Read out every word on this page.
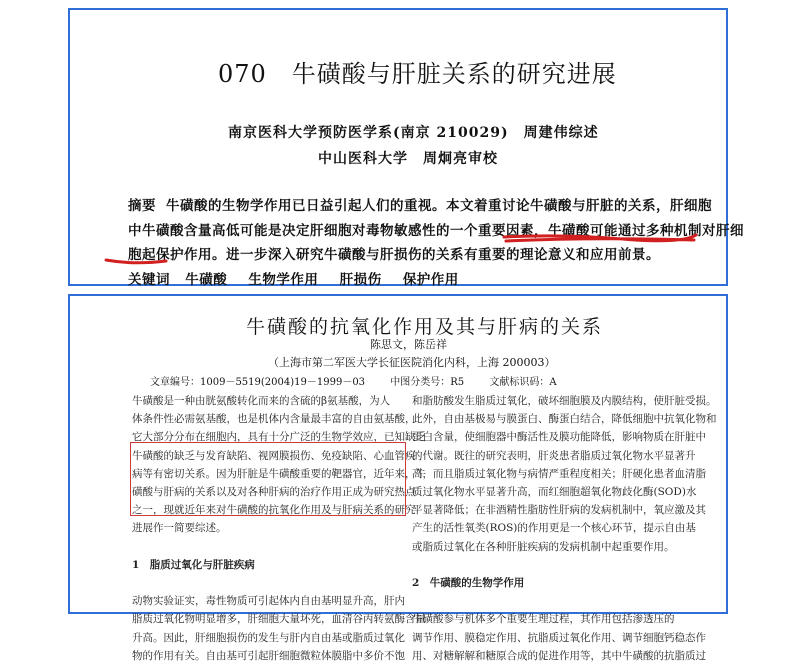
070　牛磺酸与肝脏关系的研究进展
南京医科大学预防医学系(南京 210029)　周建伟综述
中山医科大学　周炯亮审校
摘要 牛磺酸的生物学作用已日益引起人们的重视。本文着重讨论牛磺酸与肝脏的关系，肝细胞
中牛磺酸含量高低可能是决定肝细胞对毒物敏感性的一个重要因素，牛磺酸可能通过多种机制对肝细
胞起保护作用。进一步深入研究牛磺酸与肝损伤的关系有重要的理论意义和应用前景。
关键词 牛磺酸 生物学作用 肝损伤 保护作用
牛磺酸的抗氧化作用及其与肝病的关系
陈思文，陈岳祥
（上海市第二军医大学长征医院消化内科，上海 200003）
文章编号：1009－5519(2004)19－1999－03	中图分类号：R5	文献标识码：A
牛磺酸是一种由胱氨酸转化而来的含硫的β氨基酸，为人
体条件性必需氨基酸，也是机体内含量最丰富的自由氨基酸，
它大部分分布在细胞内，具有十分广泛的生物学效应，已知缺乏
牛磺酸的缺乏与发育缺陷、视网膜损伤、免疫缺陷、心血管疾
病等有密切关系。因为肝脏是牛磺酸重要的靶器官，近年来，牛
磺酸与肝病的关系以及对各种肝病的治疗作用正成为研究热点
之一，现就近年来对牛磺酸的抗氧化作用及与肝病关系的研究
进展作一简要综述。

1　脂质过氧化与肝脏疾病

动物实验证实，毒性物质可引起体内自由基明显升高，肝内
脂质过氧化物明显增多，肝细胞大量坏死，血清谷丙转氨酶含量
升高。因此，肝细胞损伤的发生与肝内自由基或脂质过氧化
物的作用有关。自由基可引起肝细胞微粒体膜脂中多价不饱
和脂肪酸发生脂质过氧化，破坏细胞膜及内膜结构，使肝脏受损。
此外，自由基极易与膜蛋白、酶蛋白结合，降低细胞中抗氧化物和
蛋白含量，使细胞器中酶活性及膜功能降低，影响物质在肝脏中
的代谢。既往的研究表明，肝炎患者脂质过氧化物水平显著升
高，而且脂质过氧化物与病情严重程度相关；肝硬化患者血清脂
质过氧化物水平显著升高，而红细胞超氧化物歧化酶(SOD)水
平显著降低；在非酒精性脂肪性肝病的发病机制中，氧应激及其
产生的活性氧类(ROS)的作用更是一个核心环节，提示自由基
或脂质过氧化在各种肝脏疾病的发病机制中起重要作用。

2　牛磺酸的生物学作用

牛磺酸参与机体多个重要生理过程，其作用包括渗透压的
调节作用、膜稳定作用、抗脂质过氧化作用、调节细胞钙稳态作
用、对糖解解和糖原合成的促进作用等，其中牛磺酸的抗脂质过
